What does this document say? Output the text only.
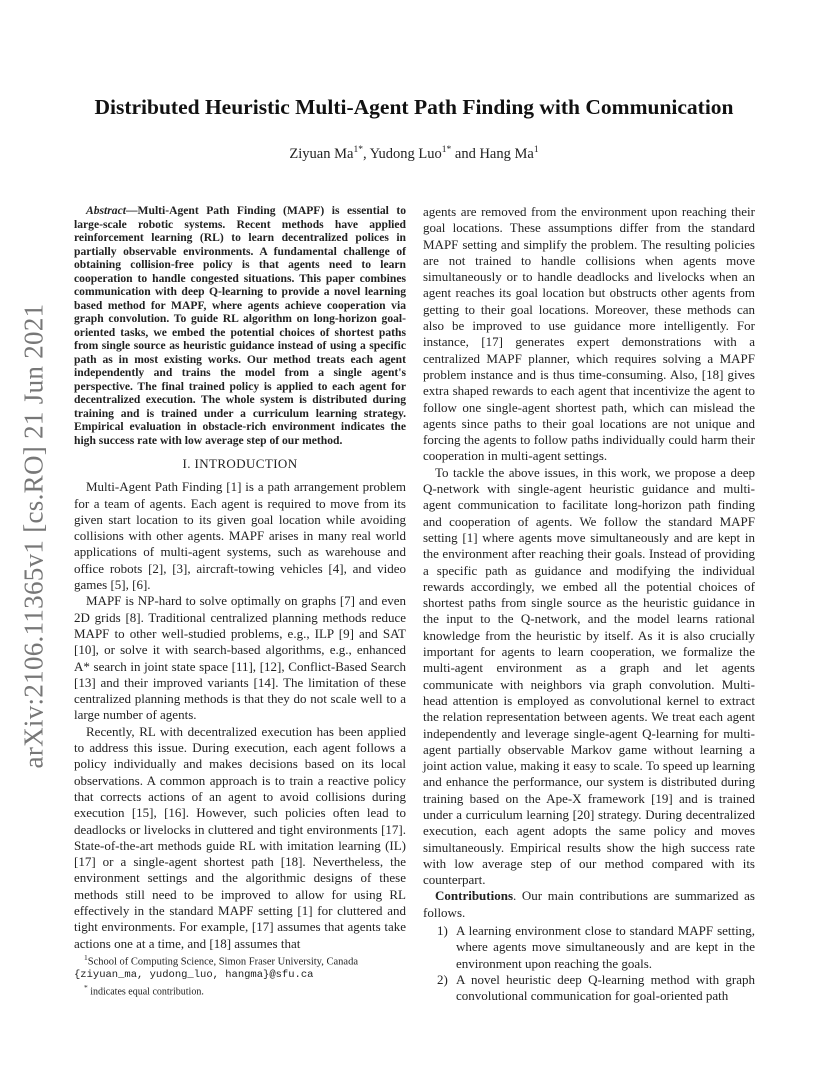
arXiv:2106.11365v1 [cs.RO] 21 Jun 2021
Distributed Heuristic Multi-Agent Path Finding with Communication
Ziyuan $Ma^{1*}$, Yudong Luo$^{1*}$ and Hang Ma$^1$

Abstract—Multi-Agent Path Finding (MAPF) is essential to large-scale robotic systems. Recent methods have applied reinforcement learning (RL) to learn decentralized polices in partially observable environments. A fundamental challenge of obtaining collision-free policy is that agents need to learn cooperation to handle congested situations. This paper combines communication with deep Q-learning to provide a novel learning based method for MAPF, where agents achieve cooperation via graph convolution. To guide RL algorithm on long-horizon goal-oriented tasks, we embed the potential choices of shortest paths from single source as heuristic guidance instead of using a specific path as in most existing works. Our method treats each agent independently and trains the model from a single agent's perspective. The final trained policy is applied to each agent for decentralized execution. The whole system is distributed during training and is trained under a curriculum learning strategy. Empirical evaluation in obstacle-rich environment indicates the high success rate with low average step of our method.

I. INTRODUCTION

Multi-Agent Path Finding [1] is a path arrangement problem for a team of agents. Each agent is required to move from its given start location to its given goal location while avoiding collisions with other agents. MAPF arises in many real world applications of multi-agent systems, such as warehouse and office robots [2], [3], aircraft-towing vehicles [4], and video games [5], [6].

MAPF is NP-hard to solve optimally on graphs [7] and even 2D grids [8]. Traditional centralized planning methods reduce MAPF to other well-studied problems, e.g., ILP [9] and SAT [10], or solve it with search-based algorithms, e.g., enhanced A* search in joint state space [11], [12], Conflict-Based Search [13] and their improved variants [14]. The limitation of these centralized planning methods is that they do not scale well to a large number of agents.

Recently, RL with decentralized execution has been applied to address this issue. During execution, each agent follows a policy individually and makes decisions based on its local observations. A common approach is to train a reactive policy that corrects actions of an agent to avoid collisions during execution [15], [16]. However, such policies often lead to deadlocks or livelocks in cluttered and tight environments [17]. State-of-the-art methods guide RL with imitation learning (IL) [17] or a single-agent shortest path [18]. Nevertheless, the environment settings and the algorithmic designs of these methods still need to be improved to allow for using RL effectively in the standard MAPF setting [1] for cluttered and tight environments. For example, [17] assumes that agents take actions one at a time, and [18] assumes that

$^1$School of Computing Science, Simon Fraser University, Canada
{ziyuan_ma, yudong_luo, hangma}@sfu.ca
* indicates equal contribution.

agents are removed from the environment upon reaching their goal locations. These assumptions differ from the standard MAPF setting and simplify the problem. The resulting policies are not trained to handle collisions when agents move simultaneously or to handle deadlocks and livelocks when an agent reaches its goal location but obstructs other agents from getting to their goal locations. Moreover, these methods can also be improved to use guidance more intelligently. For instance, [17] generates expert demonstrations with a centralized MAPF planner, which requires solving a MAPF problem instance and is thus time-consuming. Also, [18] gives extra shaped rewards to each agent that incentivize the agent to follow one single-agent shortest path, which can mislead the agents since paths to their goal locations are not unique and forcing the agents to follow paths individually could harm their cooperation in multi-agent settings.

To tackle the above issues, in this work, we propose a deep Q-network with single-agent heuristic guidance and multi-agent communication to facilitate long-horizon path finding and cooperation of agents. We follow the standard MAPF setting [1] where agents move simultaneously and are kept in the environment after reaching their goals. Instead of providing a specific path as guidance and modifying the individual rewards accordingly, we embed all the potential choices of shortest paths from single source as the heuristic guidance in the input to the Q-network, and the model learns rational knowledge from the heuristic by itself. As it is also crucially important for agents to learn cooperation, we formalize the multi-agent environment as a graph and let agents communicate with neighbors via graph convolution. Multi-head attention is employed as convolutional kernel to extract the relation representation between agents. We treat each agent independently and leverage single-agent Q-learning for multi-agent partially observable Markov game without learning a joint action value, making it easy to scale. To speed up learning and enhance the performance, our system is distributed during training based on the Ape-X framework [19] and is trained under a curriculum learning [20] strategy. During decentralized execution, each agent adopts the same policy and moves simultaneously. Empirical results show the high success rate with low average step of our method compared with its counterpart.

Contributions. Our main contributions are summarized as follows.

1) A learning environment close to standard MAPF setting, where agents move simultaneously and are kept in the environment upon reaching the goals.
2) A novel heuristic deep Q-learning method with graph convolutional communication for goal-oriented path
